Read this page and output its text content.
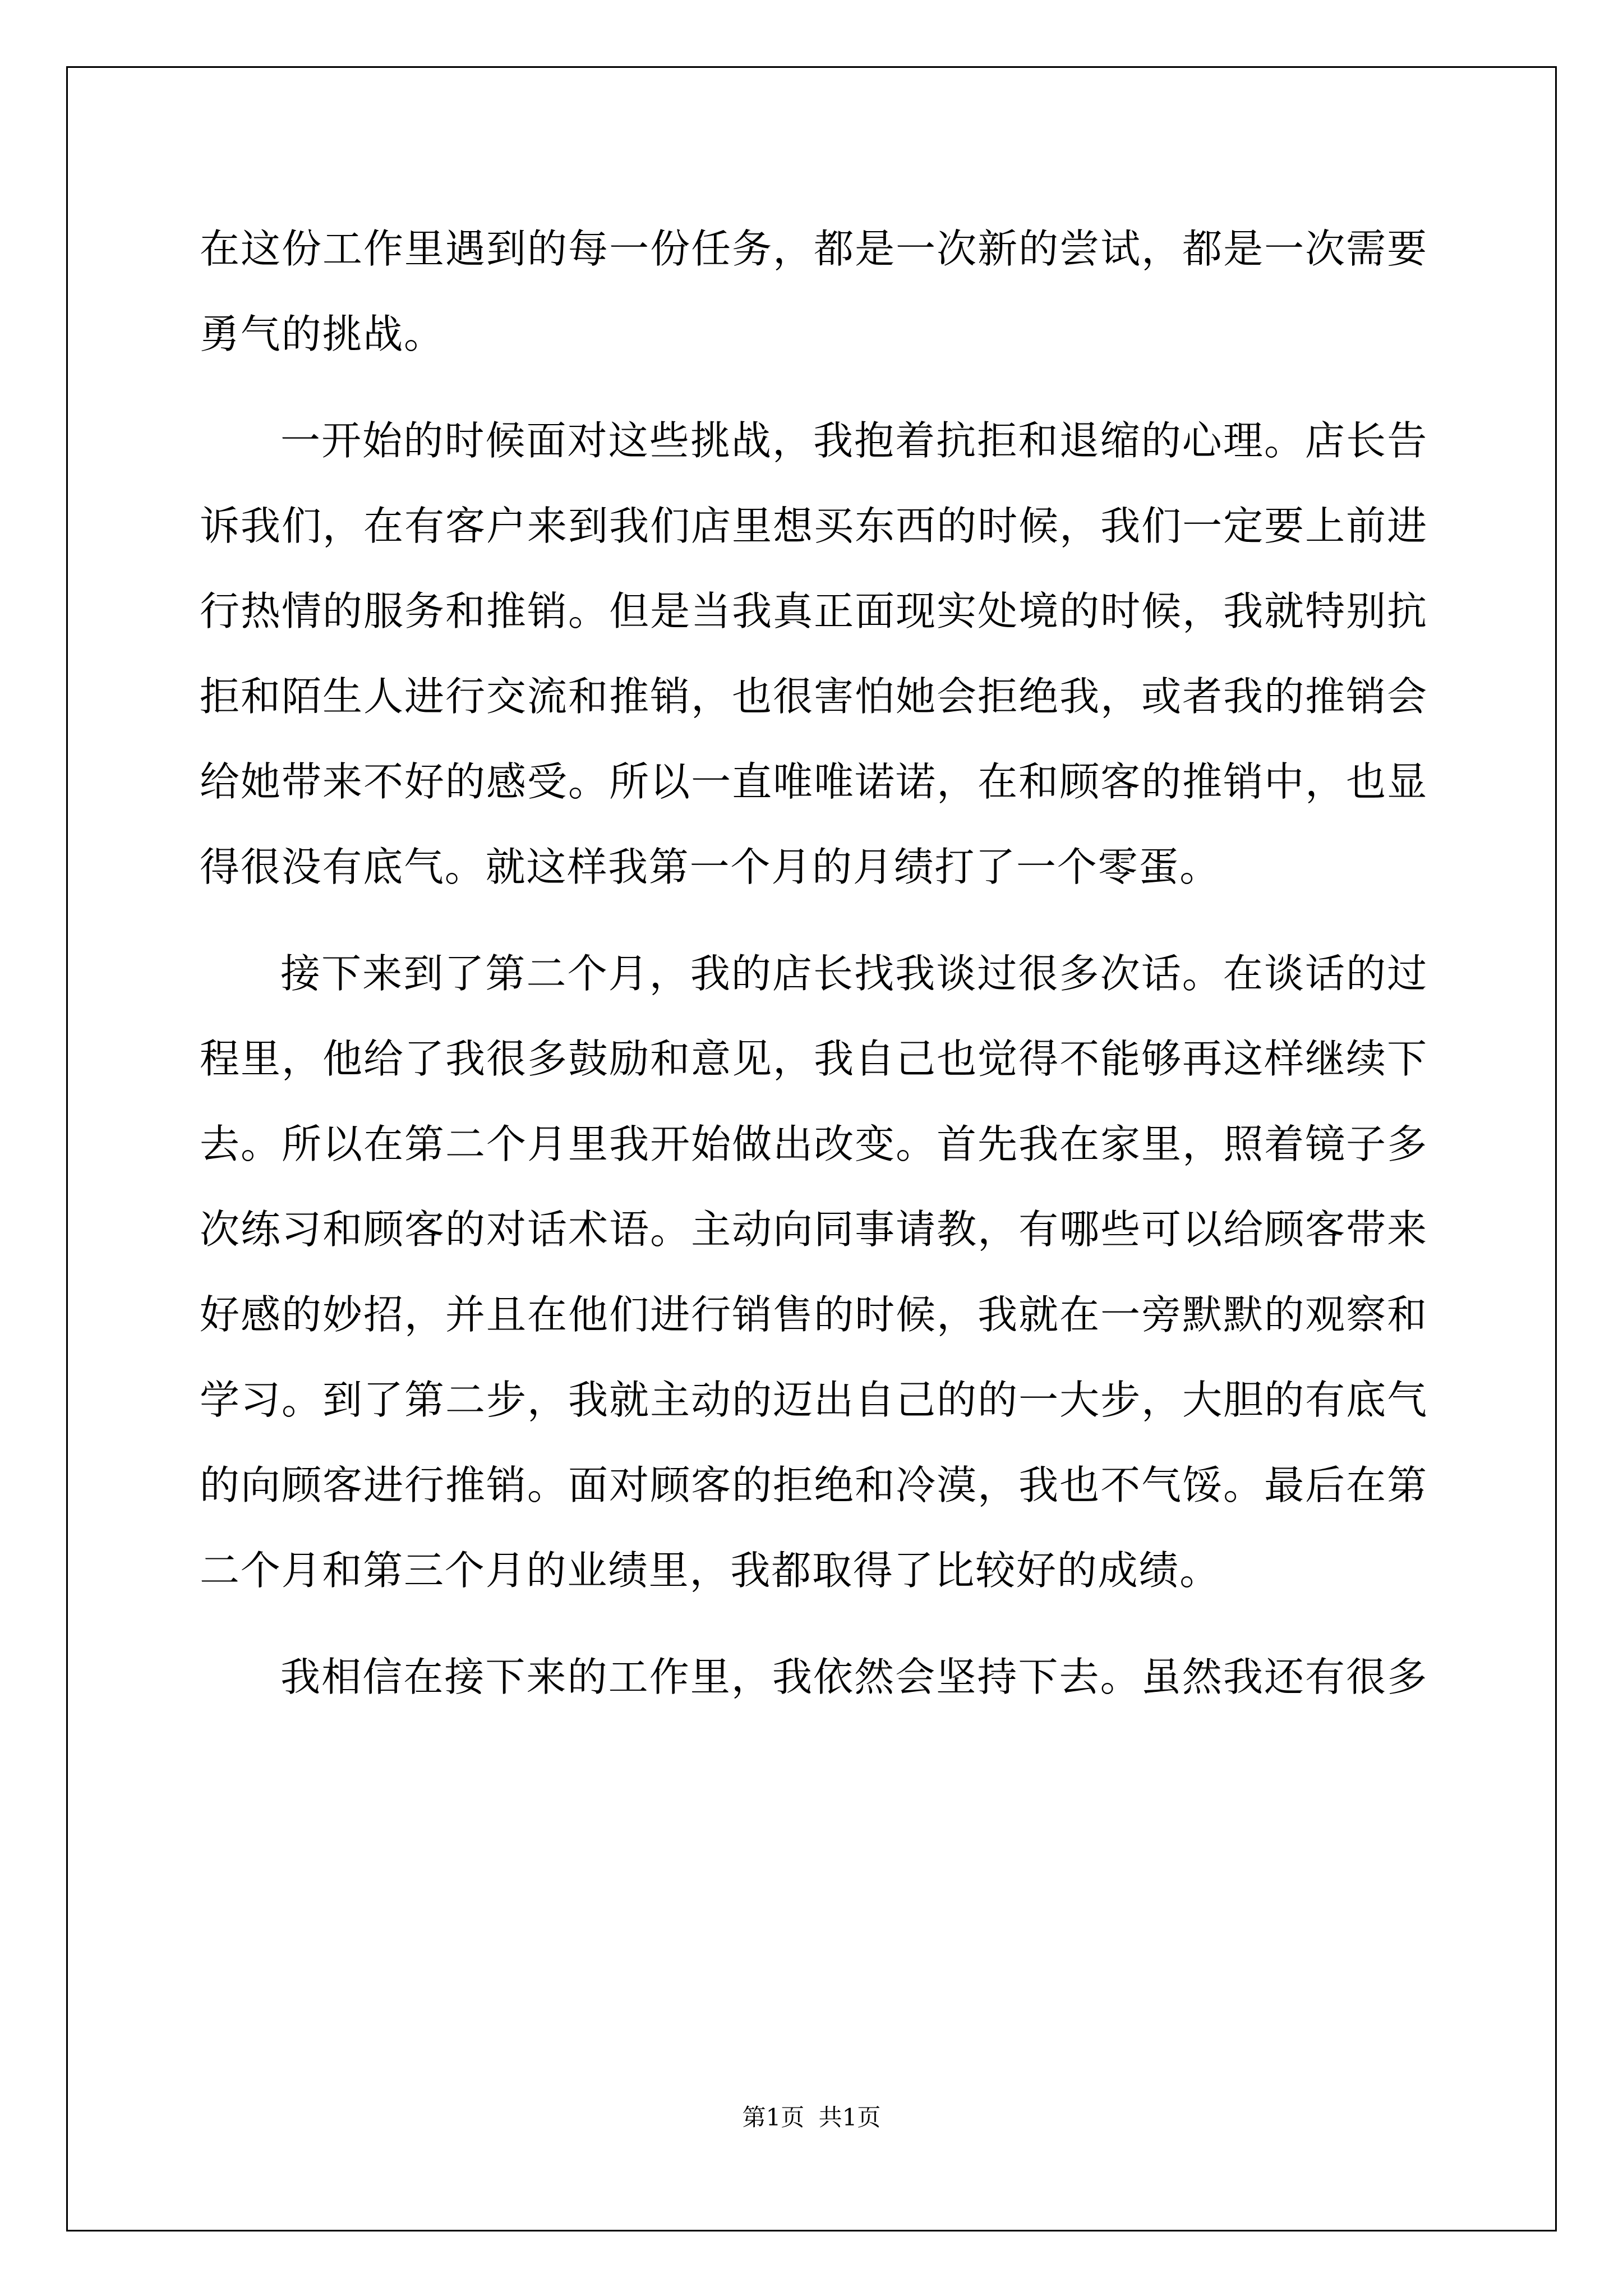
在这份工作里遇到的每一份任务，都是一次新的尝试，都是一次需要
勇气的挑战。
一开始的时候面对这些挑战，我抱着抗拒和退缩的心理。店长告
诉我们，在有客户来到我们店里想买东西的时候，我们一定要上前进
行热情的服务和推销。但是当我真正面现实处境的时候，我就特别抗
拒和陌生人进行交流和推销，也很害怕她会拒绝我，或者我的推销会
给她带来不好的感受。所以一直唯唯诺诺，在和顾客的推销中，也显
得很没有底气。就这样我第一个月的月绩打了一个零蛋。
接下来到了第二个月，我的店长找我谈过很多次话。在谈话的过
程里，他给了我很多鼓励和意见，我自己也觉得不能够再这样继续下
去。所以在第二个月里我开始做出改变。首先我在家里，照着镜子多
次练习和顾客的对话术语。主动向同事请教，有哪些可以给顾客带来
好感的妙招，并且在他们进行销售的时候，我就在一旁默默的观察和
学习。到了第二步，我就主动的迈出自己的的一大步，大胆的有底气
的向顾客进行推销。面对顾客的拒绝和冷漠，我也不气馁。最后在第
二个月和第三个月的业绩里，我都取得了比较好的成绩。
我相信在接下来的工作里，我依然会坚持下去。虽然我还有很多
第1页 共1页
